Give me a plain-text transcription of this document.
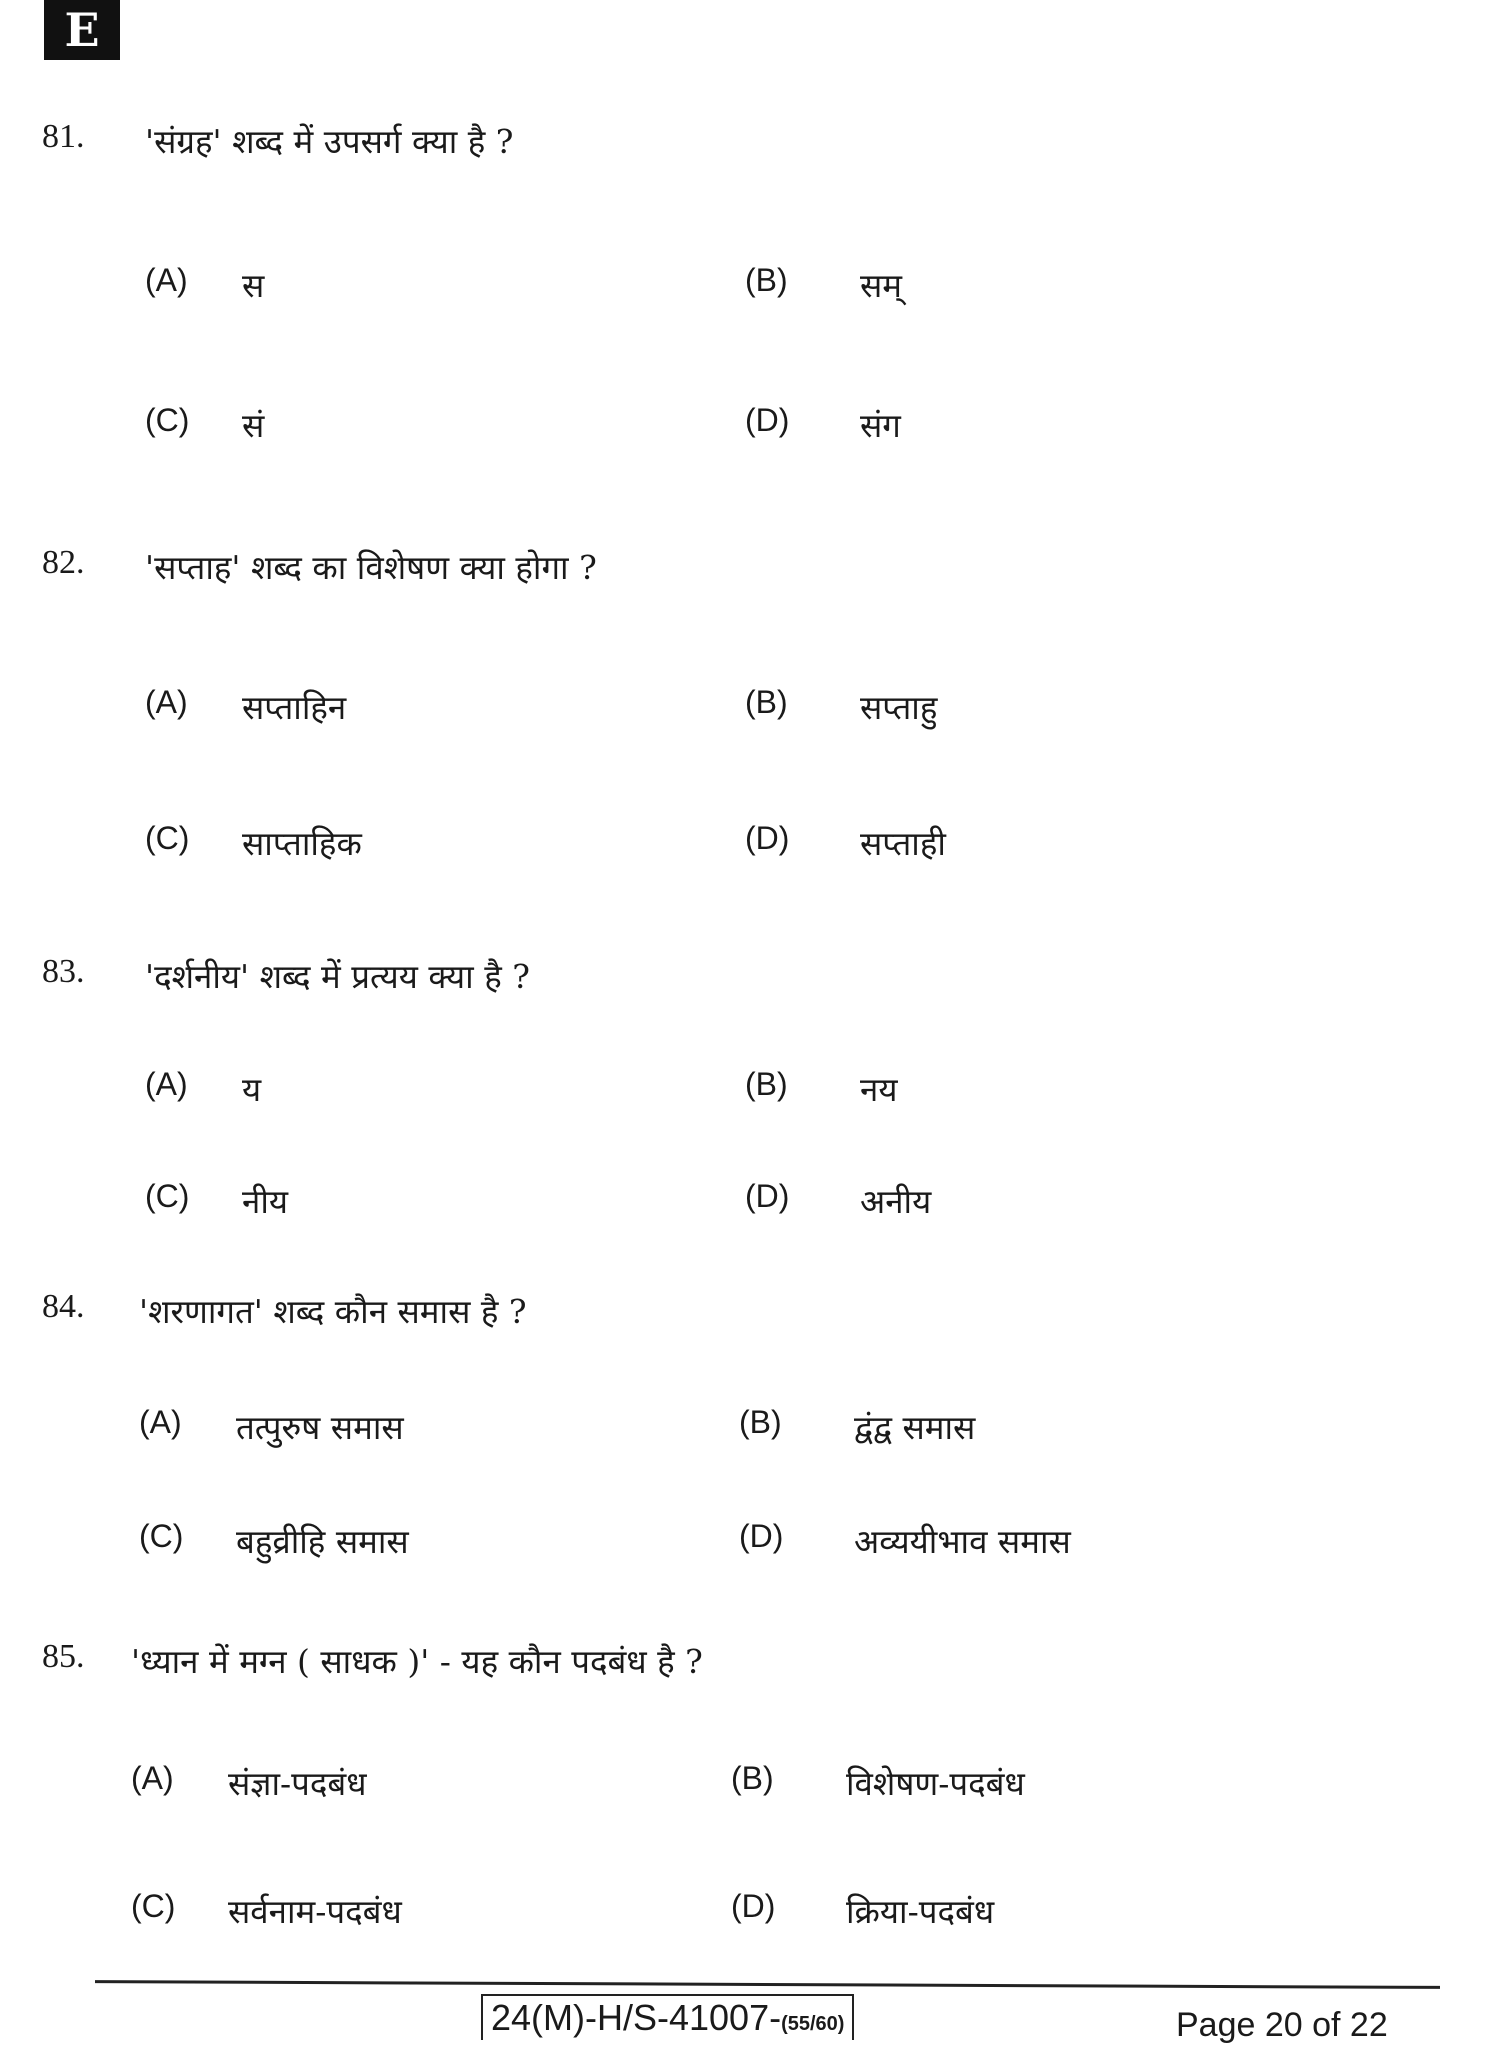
E
81. 'संग्रह' शब्द में उपसर्ग क्या है ?
(A) स	(B) सम्
(C) सं	(D) संग
82. 'सप्ताह' शब्द का विशेषण क्या होगा ?
(A) सप्ताहिन	(B) सप्ताहु
(C) साप्ताहिक	(D) सप्ताही
83. 'दर्शनीय' शब्द में प्रत्यय क्या है ?
(A) य	(B) नय
(C) नीय	(D) अनीय
84. 'शरणागत' शब्द कौन समास है ?
(A) तत्पुरुष समास	(B) द्वंद्व समास
(C) बहुव्रीहि समास	(D) अव्ययीभाव समास
85. 'ध्यान में मग्न ( साधक )' - यह कौन पदबंध है ?
(A) संज्ञा-पदबंध	(B) विशेषण-पदबंध
(C) सर्वनाम-पदबंध	(D) क्रिया-पदबंध
24(M)-H/S-41007-(55/60)	Page 20 of 22
